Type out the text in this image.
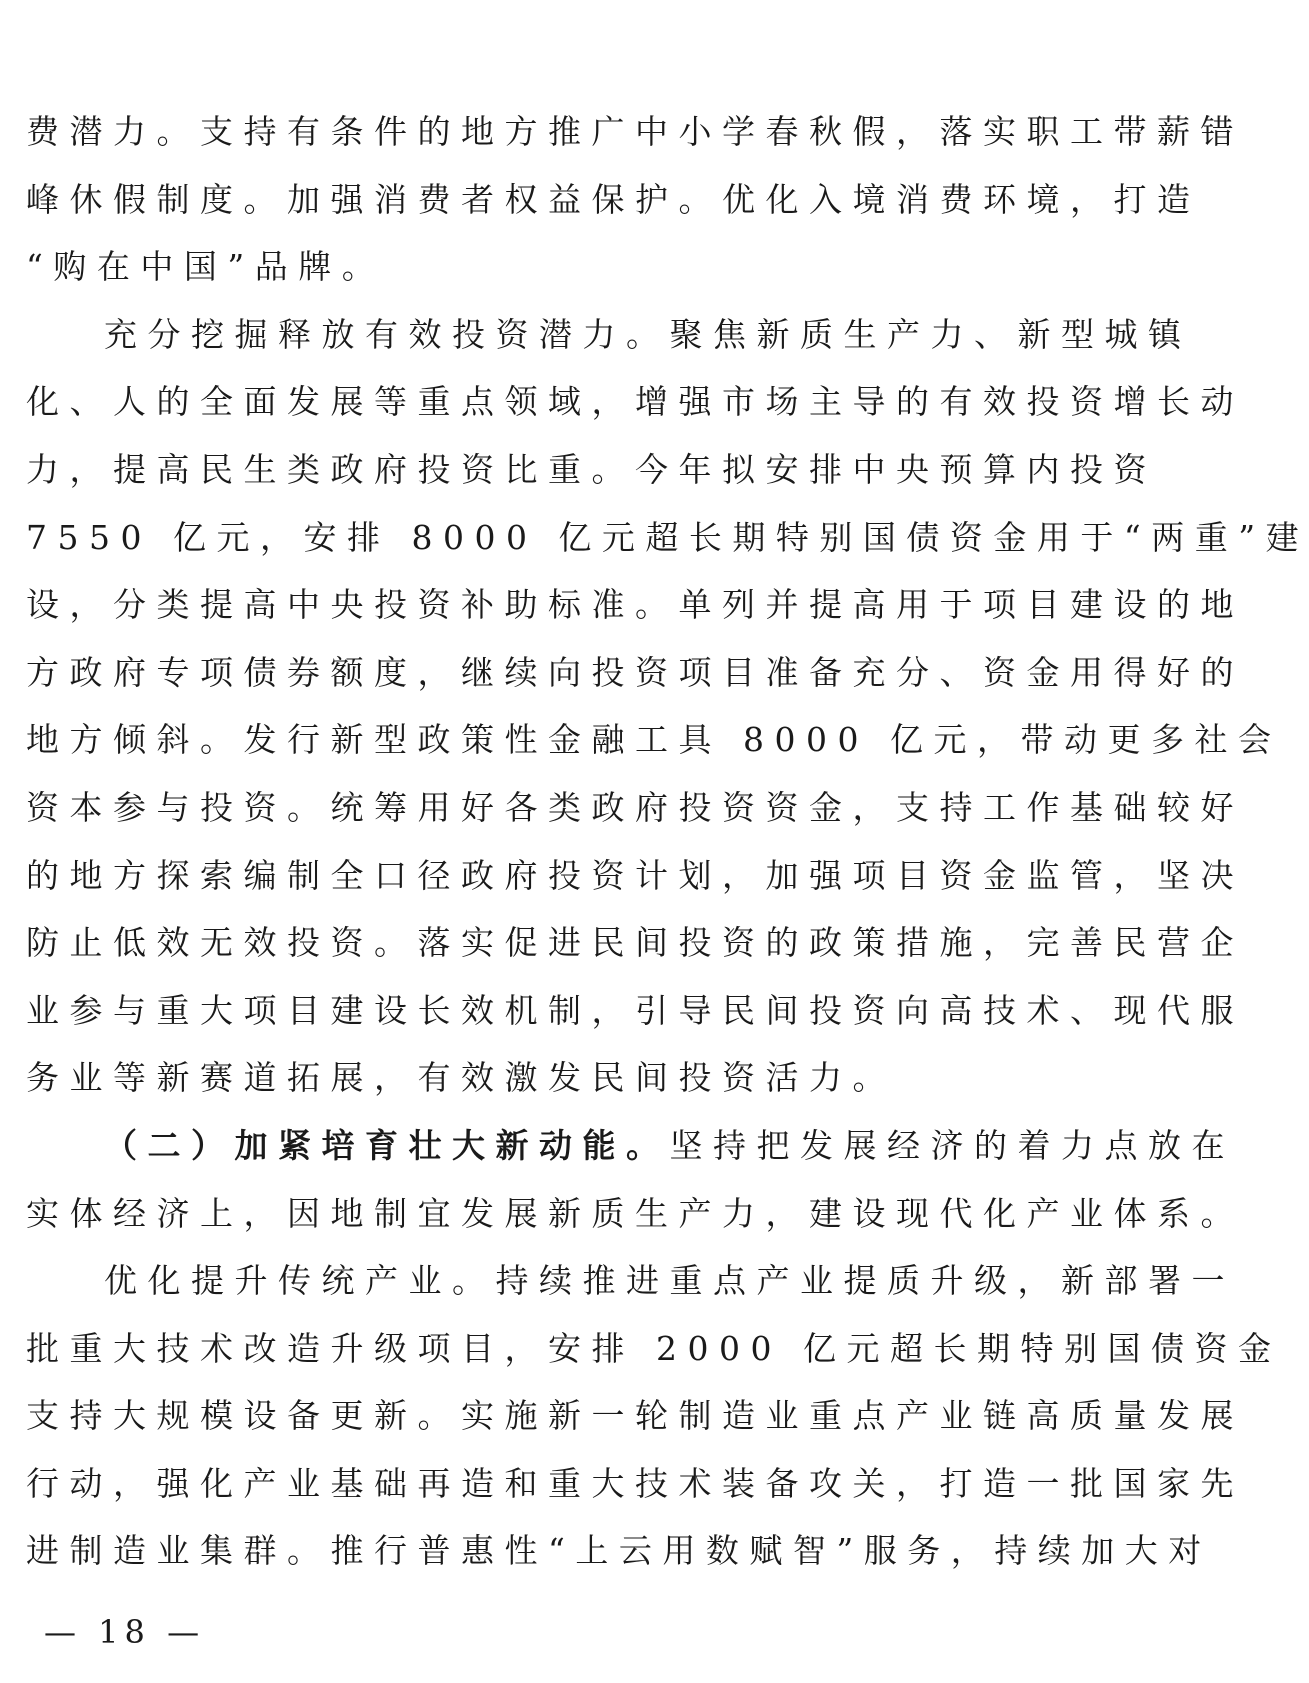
费潜力。支持有条件的地方推广中小学春秋假，落实职工带薪错
峰休假制度。加强消费者权益保护。优化入境消费环境，打造
“购在中国”品牌。
充分挖掘释放有效投资潜力。聚焦新质生产力、新型城镇
化、人的全面发展等重点领域，增强市场主导的有效投资增长动
力，提高民生类政府投资比重。今年拟安排中央预算内投资
7550 亿元，安排 8000 亿元超长期特别国债资金用于“两重”建
设，分类提高中央投资补助标准。单列并提高用于项目建设的地
方政府专项债券额度，继续向投资项目准备充分、资金用得好的
地方倾斜。发行新型政策性金融工具 8000 亿元，带动更多社会
资本参与投资。统筹用好各类政府投资资金，支持工作基础较好
的地方探索编制全口径政府投资计划，加强项目资金监管，坚决
防止低效无效投资。落实促进民间投资的政策措施，完善民营企
业参与重大项目建设长效机制，引导民间投资向高技术、现代服
务业等新赛道拓展，有效激发民间投资活力。
（二）加紧培育壮大新动能。坚持把发展经济的着力点放在
实体经济上，因地制宜发展新质生产力，建设现代化产业体系。
优化提升传统产业。持续推进重点产业提质升级，新部署一
批重大技术改造升级项目，安排 2000 亿元超长期特别国债资金
支持大规模设备更新。实施新一轮制造业重点产业链高质量发展
行动，强化产业基础再造和重大技术装备攻关，打造一批国家先
进制造业集群。推行普惠性“上云用数赋智”服务，持续加大对
— 18 —
